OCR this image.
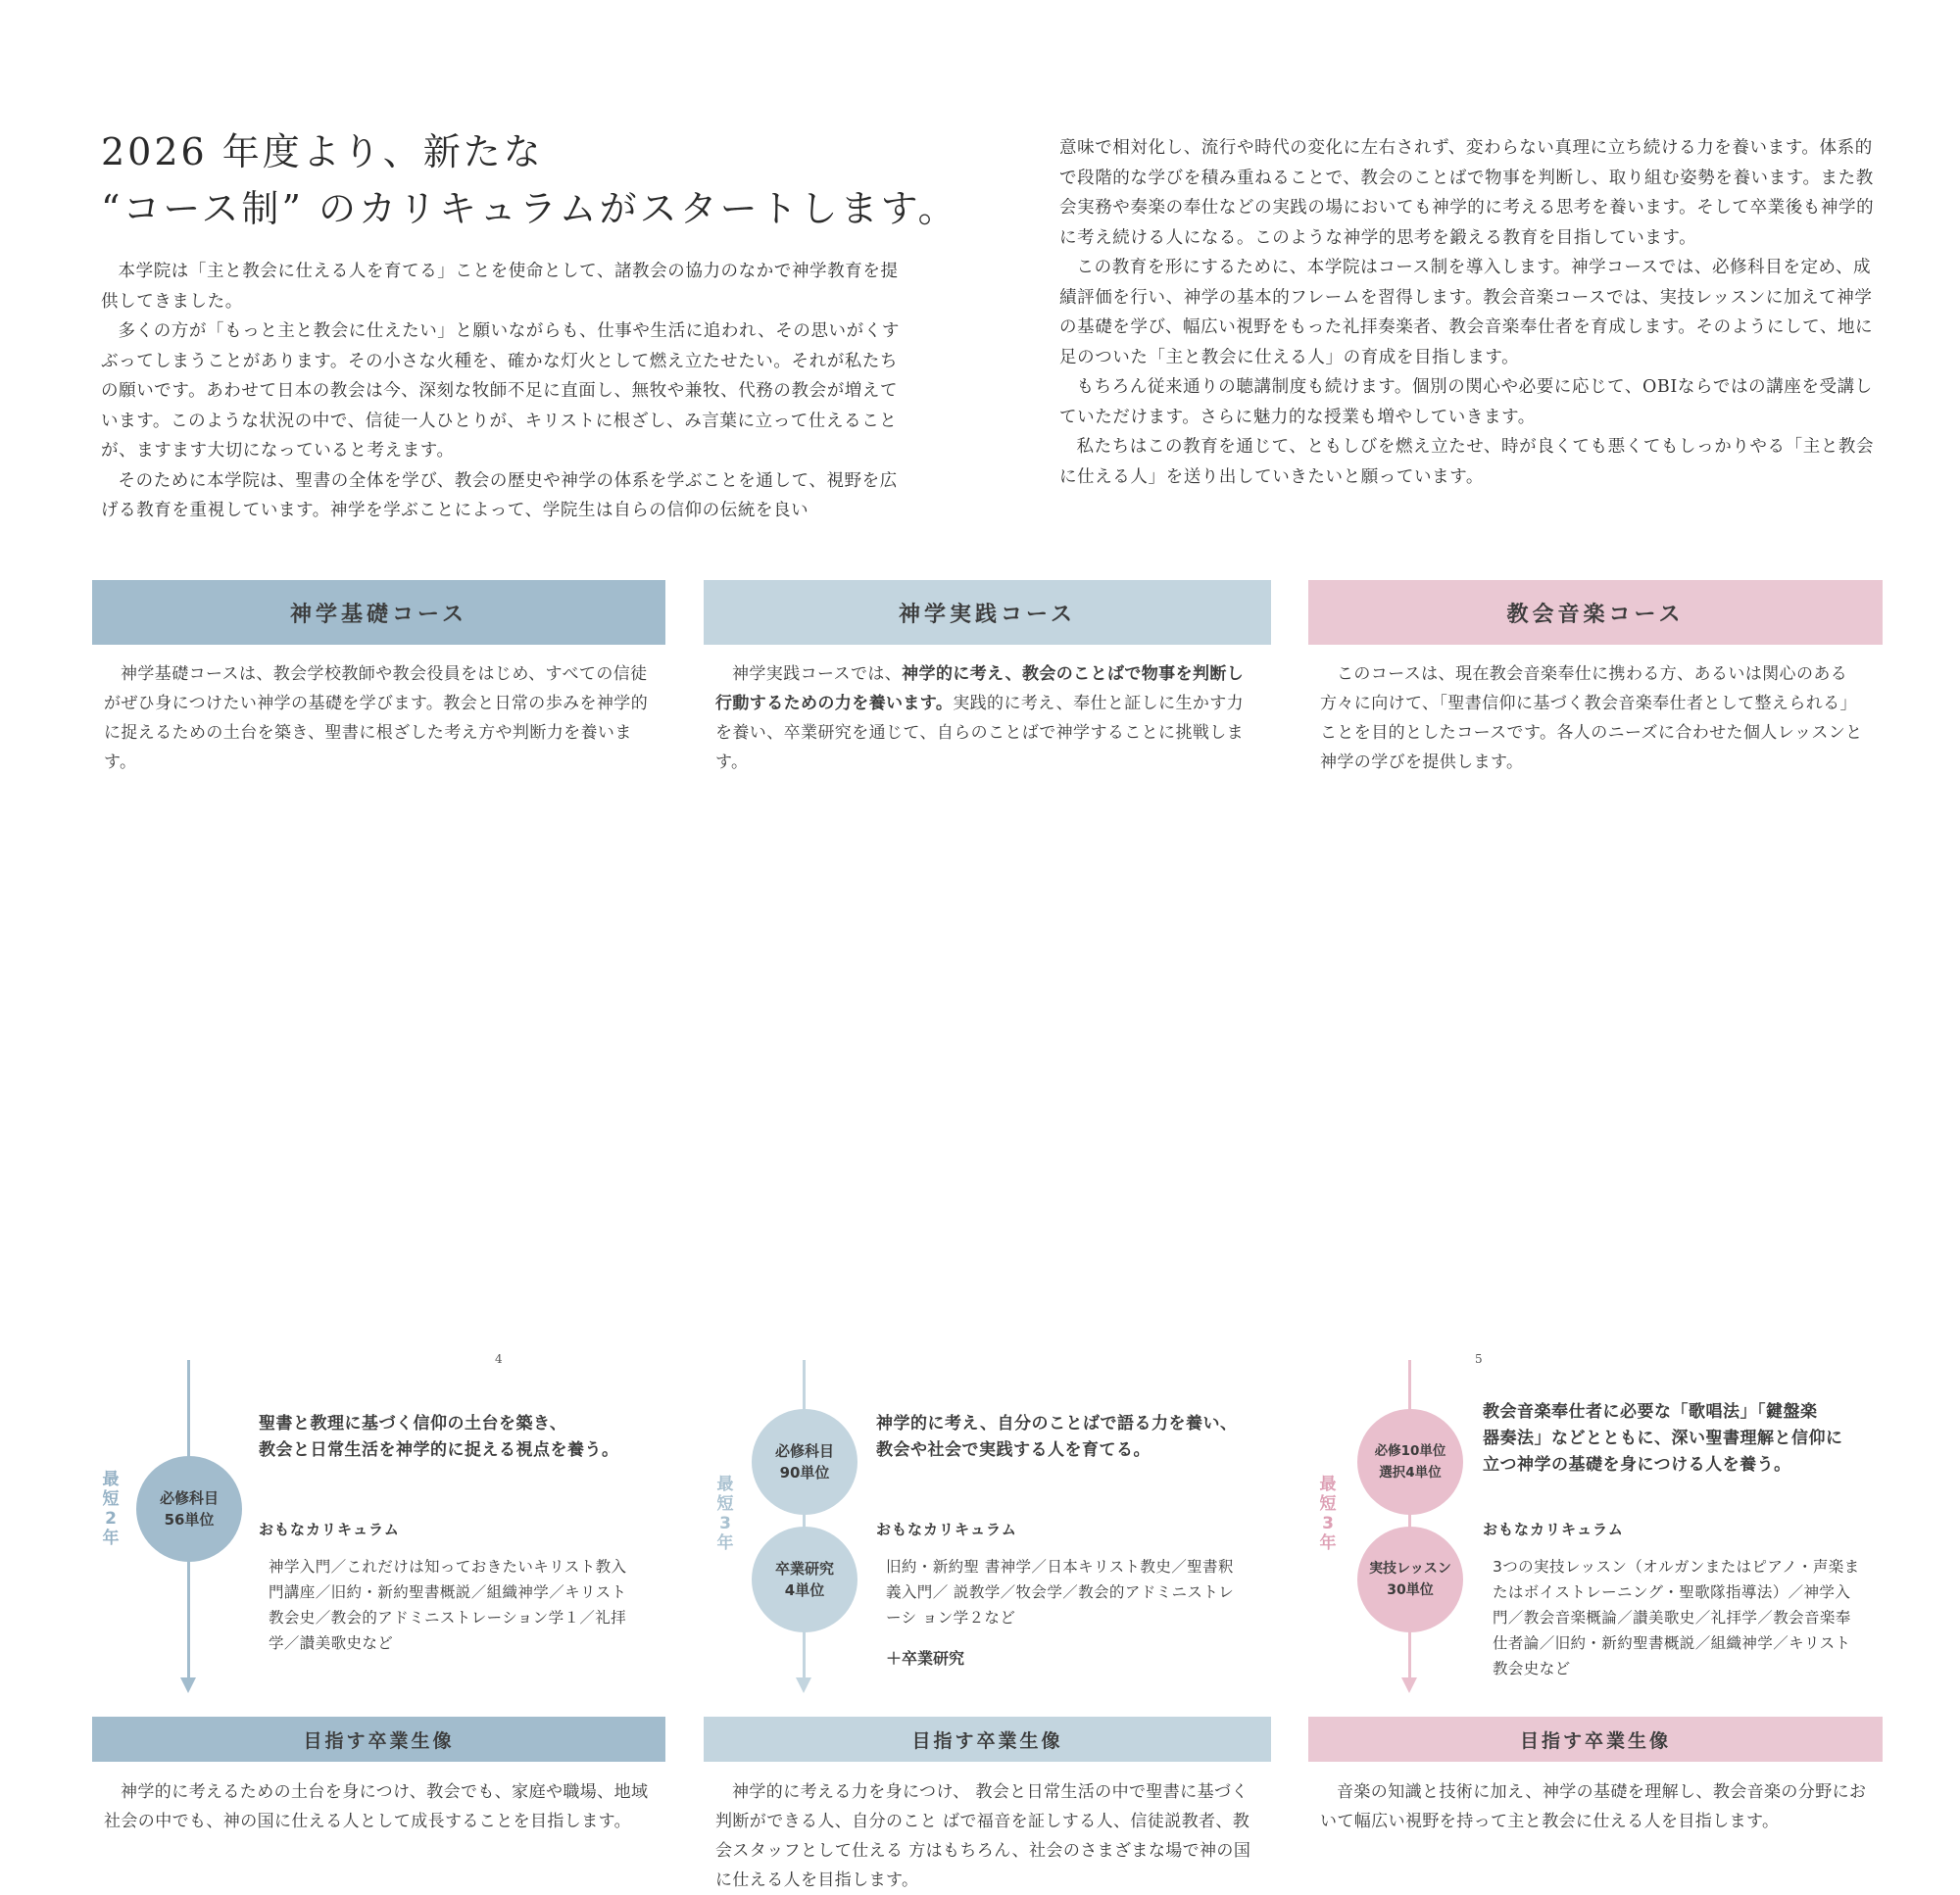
2026 年度より、新たな
“コース制” のカリキュラムがスタートします。

本学院は「主と教会に仕える人を育てる」ことを使命として、諸教会の協力のなかで神学教育を提供してきました。

多くの方が「もっと主と教会に仕えたい」と願いながらも、仕事や生活に追われ、その思いがくすぶってしまうことがあります。その小さな火種を、確かな灯火として燃え立たせたい。それが私たちの願いです。あわせて日本の教会は今、深刻な牧師不足に直面し、無牧や兼牧、代務の教会が増えています。このような状況の中で、信徒一人ひとりが、キリストに根ざし、み言葉に立って仕えることが、ますます大切になっていると考えます。

そのために本学院は、聖書の全体を学び、教会の歴史や神学の体系を学ぶことを通して、視野を広げる教育を重視しています。神学を学ぶことによって、学院生は自らの信仰の伝統を良い

意味で相対化し、流行や時代の変化に左右されず、変わらない真理に立ち続ける力を養います。体系的で段階的な学びを積み重ねることで、教会のことばで物事を判断し、取り組む姿勢を養います。また教会実務や奏楽の奉仕などの実践の場においても神学的に考える思考を養います。そして卒業後も神学的に考え続ける人になる。このような神学的思考を鍛える教育を目指しています。

この教育を形にするために、本学院はコース制を導入します。神学コースでは、必修科目を定め、成績評価を行い、神学の基本的フレームを習得します。教会音楽コースでは、実技レッスンに加えて神学の基礎を学び、幅広い視野をもった礼拝奏楽者、教会音楽奉仕者を育成します。そのようにして、地に足のついた「主と教会に仕える人」の育成を目指します。

もちろん従来通りの聴講制度も続けます。個別の関心や必要に応じて、OBIならではの講座を受講していただけます。さらに魅力的な授業も増やしていきます。

私たちはこの教育を通じて、ともしびを燃え立たせ、時が良くても悪くてもしっかりやる「主と教会に仕える人」を送り出していきたいと願っています。

神学基礎コース

神学基礎コースは、教会学校教師や教会役員をはじめ、すべての信徒がぜひ身につけたい神学の基礎を学びます。教会と日常の歩みを神学的に捉えるための土台を築き、聖書に根ざした考え方や判断力を養います。

必修科目
56単位
最
短
2
年
聖書と教理に基づく信仰の土台を築き、
教会と日常生活を神学的に捉える視点を養う。
おもなカリキュラム
神学入門／これだけは知っておきたいキリスト教入門講座／旧約・新約聖書概説／組織神学／キリスト教会史／教会的アドミニストレーション学１／礼拝学／讃美歌史など
目指す卒業生像

神学的に考えるための土台を身につけ、教会でも、家庭や職場、地域社会の中でも、神の国に仕える人として成長することを目指します。

神学実践コース

神学実践コースでは、神学的に考え、教会のことばで物事を判断し行動するための力を養います。実践的に考え、奉仕と証しに生かす力を養い、卒業研究を通じて、自らのことばで神学することに挑戦します。

必修科目
90単位
卒業研究
4単位
最
短
3
年
神学的に考え、自分のことばで語る力を養い、
教会や社会で実践する人を育てる。
おもなカリキュラム
旧約・新約聖 書神学／日本キリスト教史／聖書釈義入門／ 説教学／牧会学／教会的アドミニストレーシ ョン学２など
＋卒業研究
目指す卒業生像

神学的に考える力を身につけ、 教会と日常生活の中で聖書に基づく判断ができる人、自分のこと ばで福音を証しする人、信徒説教者、教会スタッフとして仕える 方はもちろん、社会のさまざまな場で神の国に仕える人を目指します。

教会音楽コース

このコースは、現在教会音楽奉仕に携わる方、あるいは関心のある方々に向けて、「聖書信仰に基づく教会音楽奉仕者として整えられる」ことを目的としたコースです。各人のニーズに合わせた個人レッスンと神学の学びを提供します。

必修10単位
選択4単位
実技レッスン
30単位
最
短
3
年
教会音楽奉仕者に必要な「歌唱法」「鍵盤楽
器奏法」などとともに、深い聖書理解と信仰に
立つ神学の基礎を身につける人を養う。
おもなカリキュラム
3つの実技レッスン（オルガンまたはピアノ・声楽またはボイストレーニング・聖歌隊指導法）／神学入門／教会音楽概論／讃美歌史／礼拝学／教会音楽奉仕者論／旧約・新約聖書概説／組織神学／キリスト教会史など
目指す卒業生像

音楽の知識と技術に加え、神学の基礎を理解し、教会音楽の分野において幅広い視野を持って主と教会に仕える人を目指します。

4	5
